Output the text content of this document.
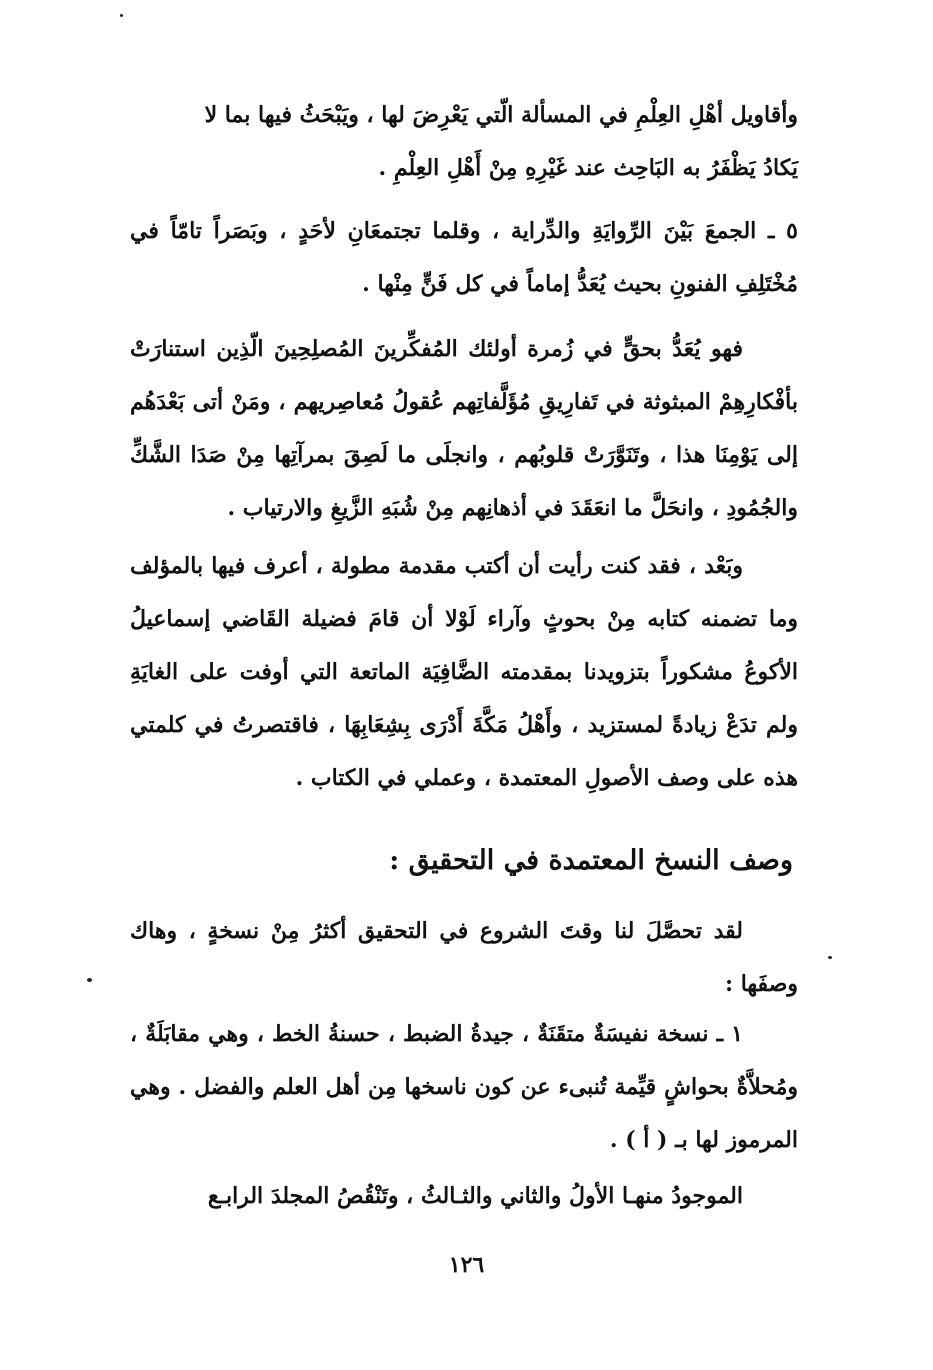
وأقاويل أهْلِ العِلْمِ في المسألة الّتي يَعْرِضَ لها ، ويَبْحَثُ فيها بما لا

يَكادُ يَظْفَرُ به البَاحِث عند غَيْرِهِ مِنْ أَهْلِ العِلْمِ .

٥ ـ الجمعَ بَيْنَ الرِّوايَةِ والدِّراية ، وقلما تجتمعَانِ لأحَدٍ ، وبَصَراً تامّاً في مُخْتَلِفِ الفنونِ بحيث يُعَدُّ إماماً في كل فَنٍّ مِنْها .

فهو يُعَدُّ بحقٍّ في زُمرة أولئك المُفكِّرينَ المُصلِحِينَ الّذِين استنارَتْ بأفْكارِهِمْ المبثوثة في تَفارِيقِ مُؤَلَّفاتِهم عُقولُ مُعاصِريهم ، ومَنْ أتى بَعْدَهُم إلى يَوْمِنَا هذا ، وتَنَوَّرَتْ قلوبُهم ، وانجلَى ما لَصِقَ بمرآتِها مِنْ صَدَا الشَّكِّ والجُمُودِ ، وانحَلَّ ما انعَقَدَ في أذهانِهم مِنْ شُبَهِ الزَّيغِ والارتياب .

وبَعْد ، فقد كنت رأيت أن أكتب مقدمة مطولة ، أعرف فيها بالمؤلف وما تضمنه كتابه مِنْ بحوثٍ وآراء لَوْلا أن قامَ فضيلة القَاضي إسماعيلُ الأكوعُ مشكوراً بتزويدنا بمقدمته الضَّافِيَة الماتعة التي أوفت على الغايَةِ ولم تدَعْ زيادةً لمستزيد ، وأَهْلُ مَكَّةَ أَدْرَى بِشِعَابِهَا ، فاقتصرتُ في كلمتي هذه على وصف الأصولِ المعتمدة ، وعملي في الكتاب .

وصف النسخ المعتمدة في التحقيق :

لقد تحصَّلَ لنا وقتَ الشروع في التحقيق أكثرُ مِنْ نسخةٍ ، وهاك وصفَها :

١ ـ نسخة نفيسَةٌ متقَنَةٌ ، جيدةُ الضبط ، حسنةُ الخط ، وهي مقابَلَةٌ ، ومُحلاَّةٌ بحواشٍ قيِّمة تُنبىء عن كون ناسخها مِن أهل العلم والفضل . وهي المرموز لها بـ ( أ ) .

الموجودُ منهـا الأولُ والثاني والثـالثُ ، وتَنْقُصُ المجلدَ الرابـع

١٢٦
